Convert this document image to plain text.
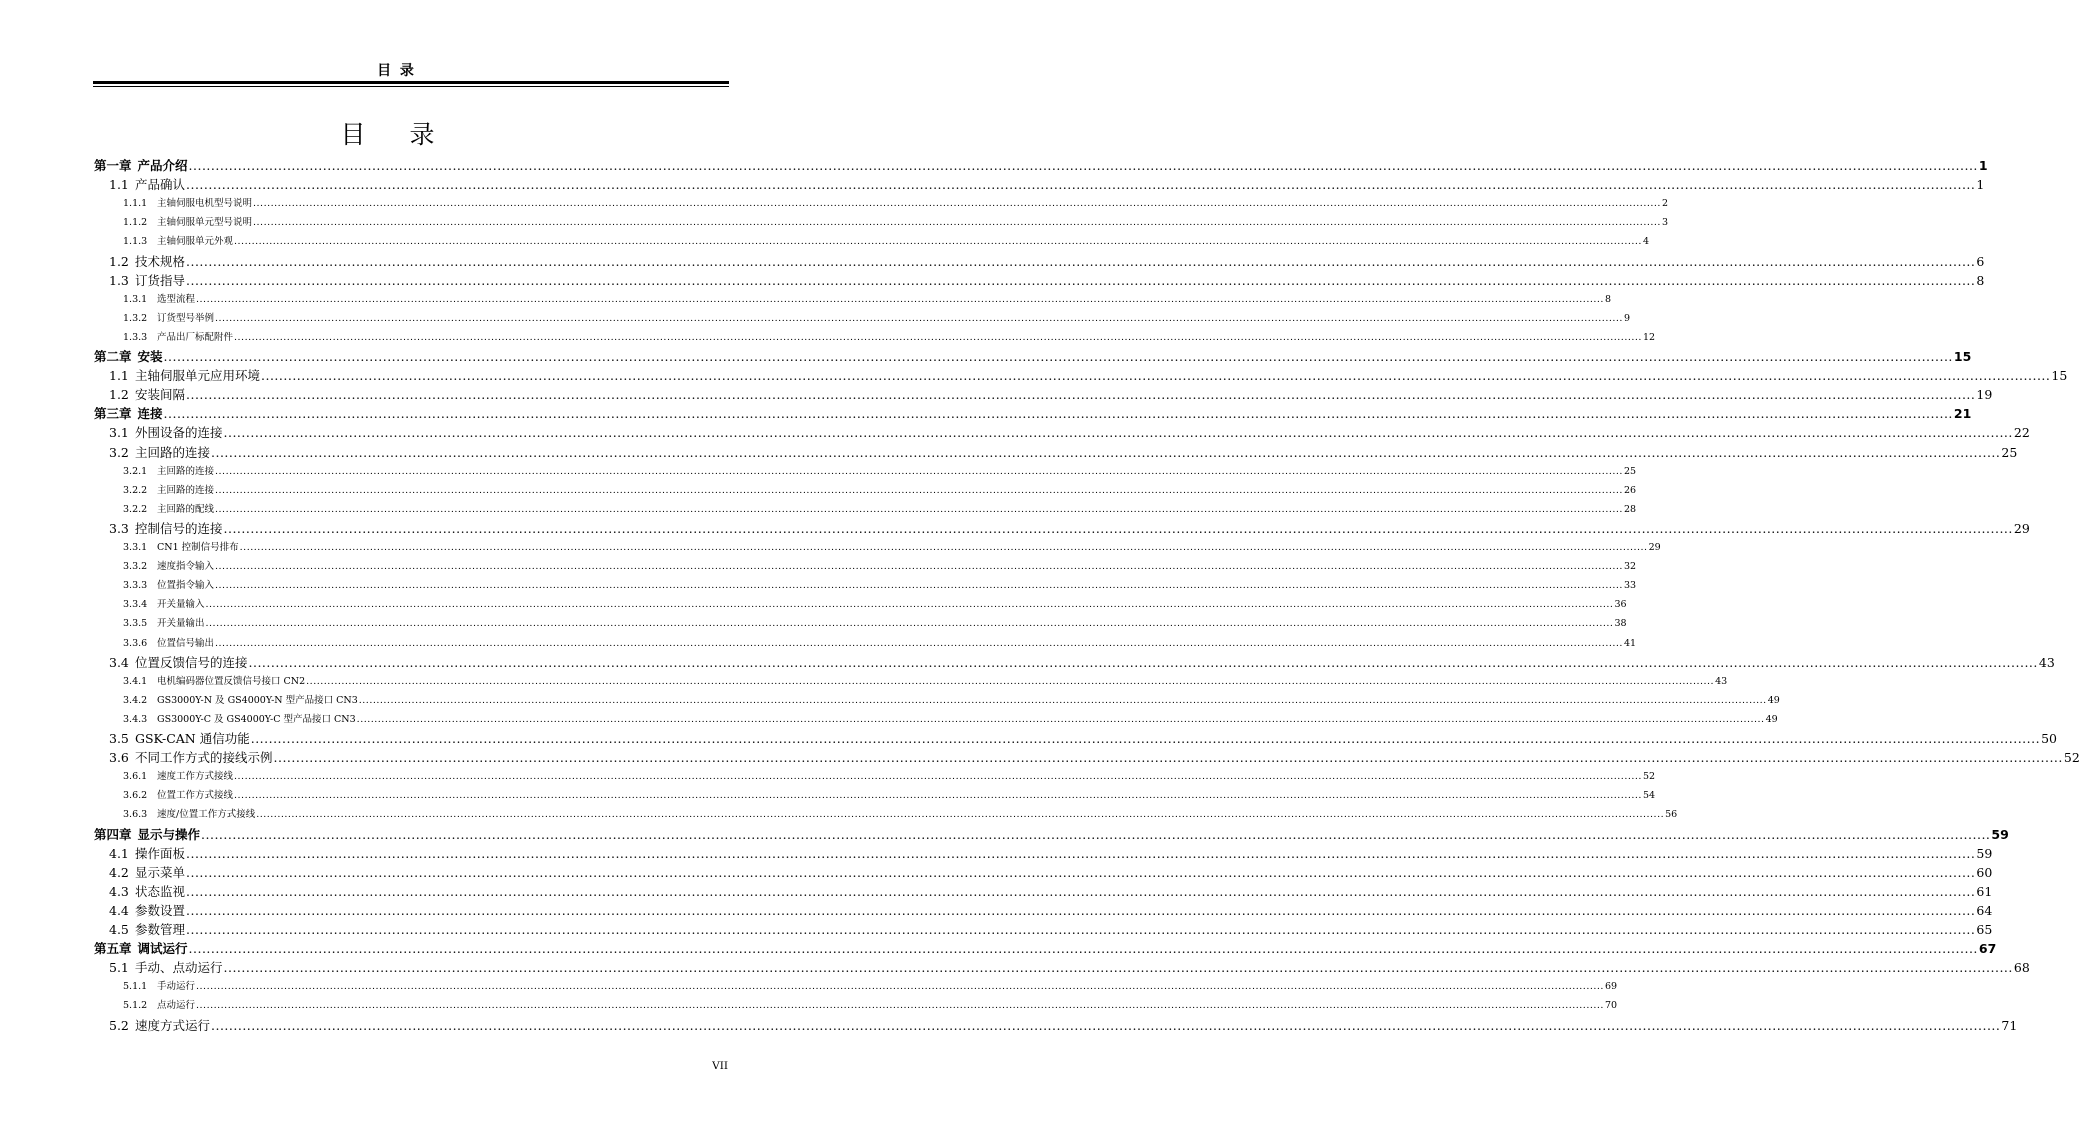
目 录
目 录
第一章 产品介绍 ................................................................................................................................................................................................................................................................................................................................................................................................................ 1
1.1 产品确认 ................................................................................................................................................................................................................................................................................................................................................................................................................ 1
1.1.1	主轴伺服电机型号说明 ................................................................................................................................................................................................................................................................................................................................................................................................................ 2
1.1.2	主轴伺服单元型号说明 ................................................................................................................................................................................................................................................................................................................................................................................................................ 3
1.1.3	主轴伺服单元外观 ................................................................................................................................................................................................................................................................................................................................................................................................................ 4
1.2 技术规格 ................................................................................................................................................................................................................................................................................................................................................................................................................ 6
1.3 订货指导 ................................................................................................................................................................................................................................................................................................................................................................................................................ 8
1.3.1	选型流程 ................................................................................................................................................................................................................................................................................................................................................................................................................ 8
1.3.2	订货型号举例 ................................................................................................................................................................................................................................................................................................................................................................................................................ 9
1.3.3	产品出厂标配附件 ................................................................................................................................................................................................................................................................................................................................................................................................................ 12
第二章 安装 ................................................................................................................................................................................................................................................................................................................................................................................................................ 15
1.1 主轴伺服单元应用环境 ................................................................................................................................................................................................................................................................................................................................................................................................................ 15
1.2 安装间隔 ................................................................................................................................................................................................................................................................................................................................................................................................................ 19
第三章 连接 ................................................................................................................................................................................................................................................................................................................................................................................................................ 21
3.1 外围设备的连接 ................................................................................................................................................................................................................................................................................................................................................................................................................ 22
3.2 主回路的连接 ................................................................................................................................................................................................................................................................................................................................................................................................................ 25
3.2.1	主回路的连接 ................................................................................................................................................................................................................................................................................................................................................................................................................ 25
3.2.2	主回路的连接 ................................................................................................................................................................................................................................................................................................................................................................................................................ 26
3.2.2	主回路的配线 ................................................................................................................................................................................................................................................................................................................................................................................................................ 28
3.3 控制信号的连接 ................................................................................................................................................................................................................................................................................................................................................................................................................ 29
3.3.1	CN1 控制信号排布 ................................................................................................................................................................................................................................................................................................................................................................................................................ 29
3.3.2	速度指令输入 ................................................................................................................................................................................................................................................................................................................................................................................................................ 32
3.3.3	位置指令输入 ................................................................................................................................................................................................................................................................................................................................................................................................................ 33
3.3.4	开关量输入 ................................................................................................................................................................................................................................................................................................................................................................................................................ 36
3.3.5	开关量输出 ................................................................................................................................................................................................................................................................................................................................................................................................................ 38
3.3.6	位置信号输出 ................................................................................................................................................................................................................................................................................................................................................................................................................ 41
3.4 位置反馈信号的连接 ................................................................................................................................................................................................................................................................................................................................................................................................................ 43
3.4.1	电机编码器位置反馈信号接口 CN2 ................................................................................................................................................................................................................................................................................................................................................................................................................ 43
3.4.2	GS3000Y-N 及 GS4000Y-N 型产品接口 CN3 ................................................................................................................................................................................................................................................................................................................................................................................................................ 49
3.4.3	GS3000Y-C 及 GS4000Y-C 型产品接口 CN3 ................................................................................................................................................................................................................................................................................................................................................................................................................ 49
3.5 GSK-CAN 通信功能 ................................................................................................................................................................................................................................................................................................................................................................................................................ 50
3.6 不同工作方式的接线示例 ................................................................................................................................................................................................................................................................................................................................................................................................................ 52
3.6.1	速度工作方式接线 ................................................................................................................................................................................................................................................................................................................................................................................................................ 52
3.6.2	位置工作方式接线 ................................................................................................................................................................................................................................................................................................................................................................................................................ 54
3.6.3	速度/位置工作方式接线 ................................................................................................................................................................................................................................................................................................................................................................................................................ 56
第四章 显示与操作 ................................................................................................................................................................................................................................................................................................................................................................................................................ 59
4.1 操作面板 ................................................................................................................................................................................................................................................................................................................................................................................................................ 59
4.2 显示菜单 ................................................................................................................................................................................................................................................................................................................................................................................................................ 60
4.3 状态监视 ................................................................................................................................................................................................................................................................................................................................................................................................................ 61
4.4 参数设置 ................................................................................................................................................................................................................................................................................................................................................................................................................ 64
4.5 参数管理 ................................................................................................................................................................................................................................................................................................................................................................................................................ 65
第五章 调试运行 ................................................................................................................................................................................................................................................................................................................................................................................................................ 67
5.1 手动、点动运行 ................................................................................................................................................................................................................................................................................................................................................................................................................ 68
5.1.1	手动运行 ................................................................................................................................................................................................................................................................................................................................................................................................................ 69
5.1.2	点动运行 ................................................................................................................................................................................................................................................................................................................................................................................................................ 70
5.2 速度方式运行 ................................................................................................................................................................................................................................................................................................................................................................................................................ 71
VII
